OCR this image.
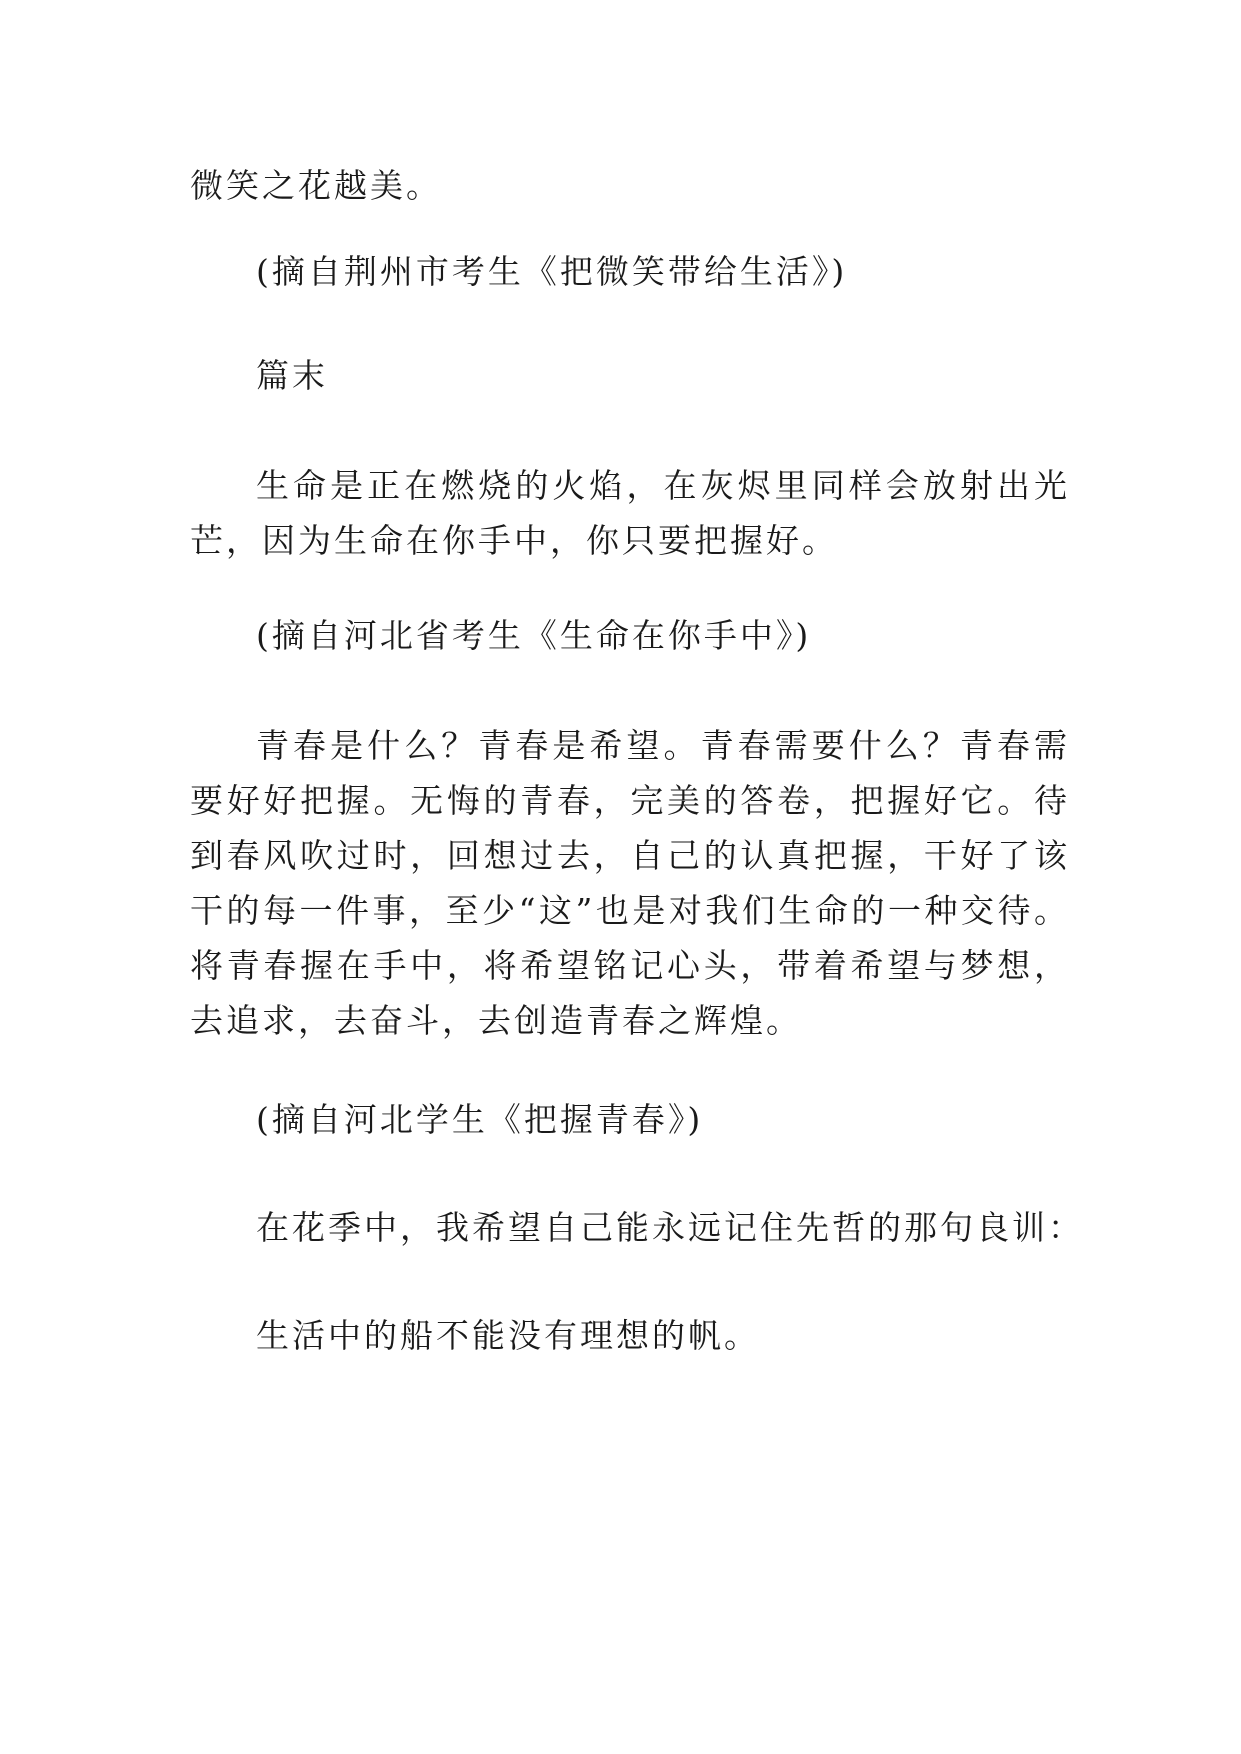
微笑之花越美。

(摘自荆州市考生《把微笑带给生活》)

篇末

生命是正在燃烧的火焰，在灰烬里同样会放射出光芒，因为生命在你手中，你只要把握好。

(摘自河北省考生《生命在你手中》)

青春是什么？青春是希望。青春需要什么？青春需要好好把握。无悔的青春，完美的答卷，把握好它。待到春风吹过时，回想过去，自己的认真把握，干好了该干的每一件事，至少“这”也是对我们生命的一种交待。将青春握在手中，将希望铭记心头，带着希望与梦想，去追求，去奋斗，去创造青春之辉煌。

(摘自河北学生《把握青春》)

在花季中，我希望自己能永远记住先哲的那句良训：

生活中的船不能没有理想的帆。
